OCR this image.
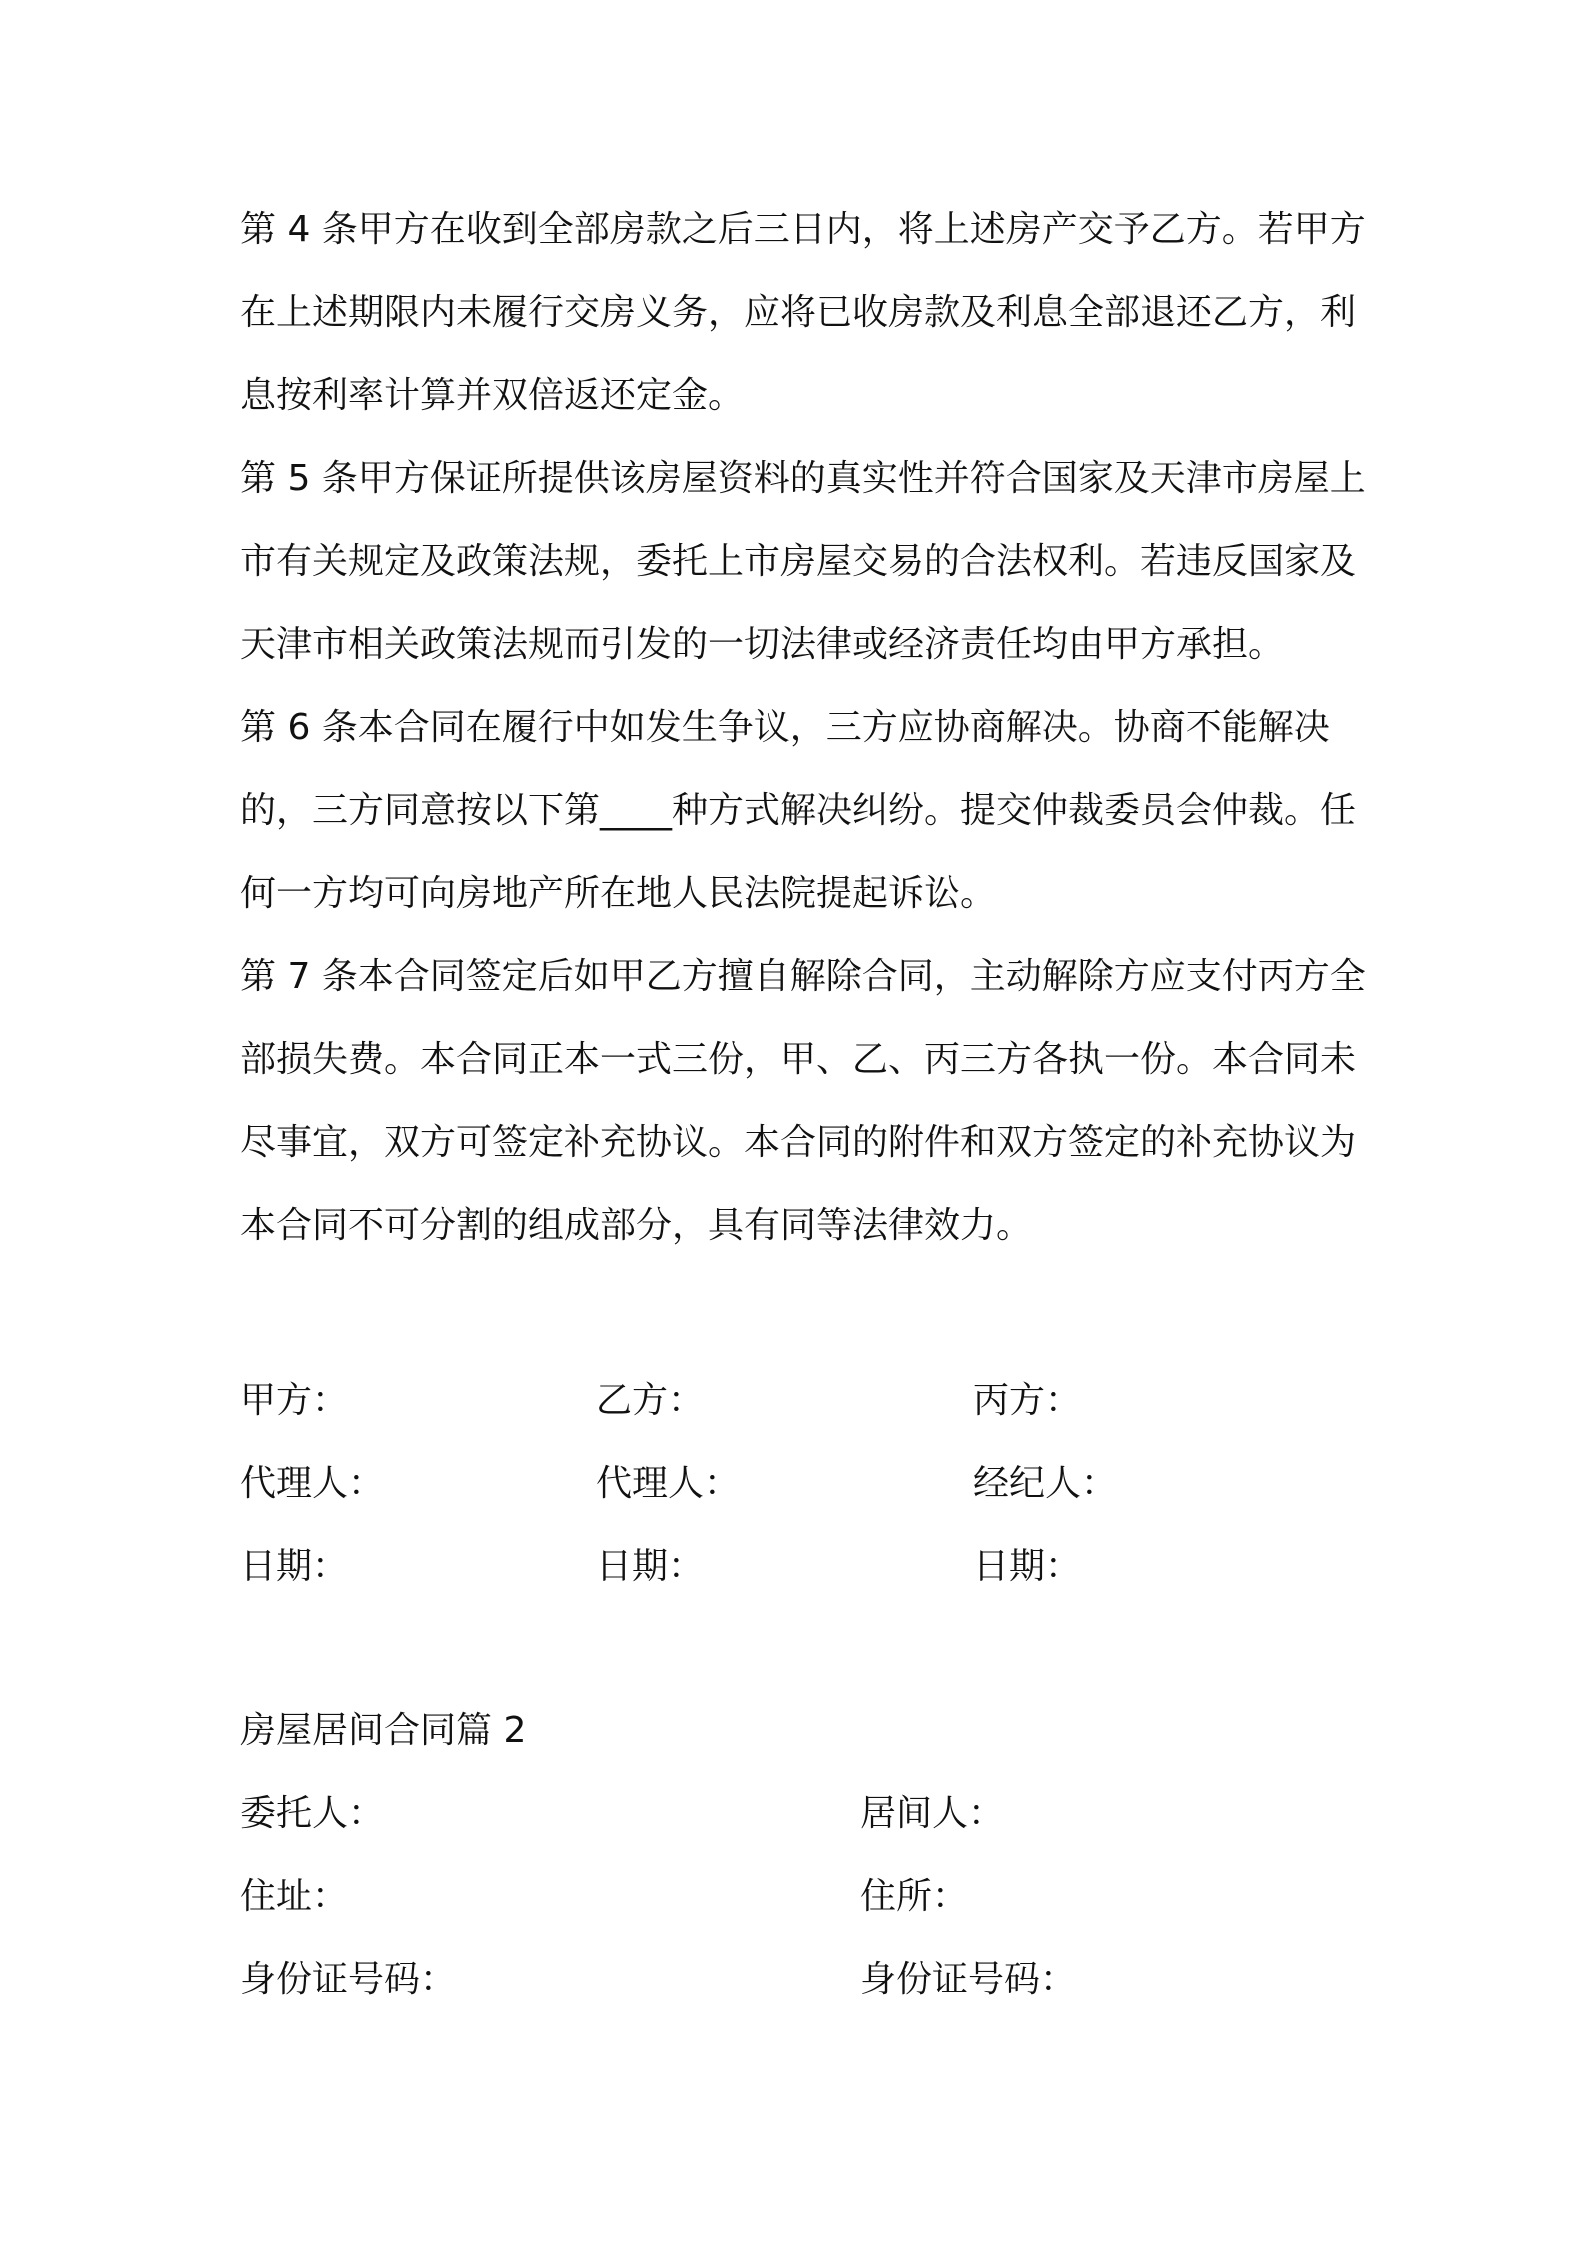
第 4 条甲方在收到全部房款之后三日内，将上述房产交予乙方。若甲方在上述期限内未履行交房义务，应将已收房款及利息全部退还乙方，利息按利率计算并双倍返还定金。

第 5 条甲方保证所提供该房屋资料的真实性并符合国家及天津市房屋上市有关规定及政策法规，委托上市房屋交易的合法权利。若违反国家及天津市相关政策法规而引发的一切法律或经济责任均由甲方承担。

第 6 条本合同在履行中如发生争议，三方应协商解决。协商不能解决的，三方同意按以下第____种方式解决纠纷。提交仲裁委员会仲裁。任何一方均可向房地产所在地人民法院提起诉讼。

第 7 条本合同签定后如甲乙方擅自解除合同，主动解除方应支付丙方全部损失费。本合同正本一式三份，甲、乙、丙三方各执一份。本合同未尽事宜，双方可签定补充协议。本合同的附件和双方签定的补充协议为本合同不可分割的组成部分，具有同等法律效力。

甲方：	乙方：	丙方：
代理人：	代理人：	经纪人：
日期：	日期：	日期：
房屋居间合同篇 2
委托人：	居间人：
住址：	住所：
身份证号码：	身份证号码：
